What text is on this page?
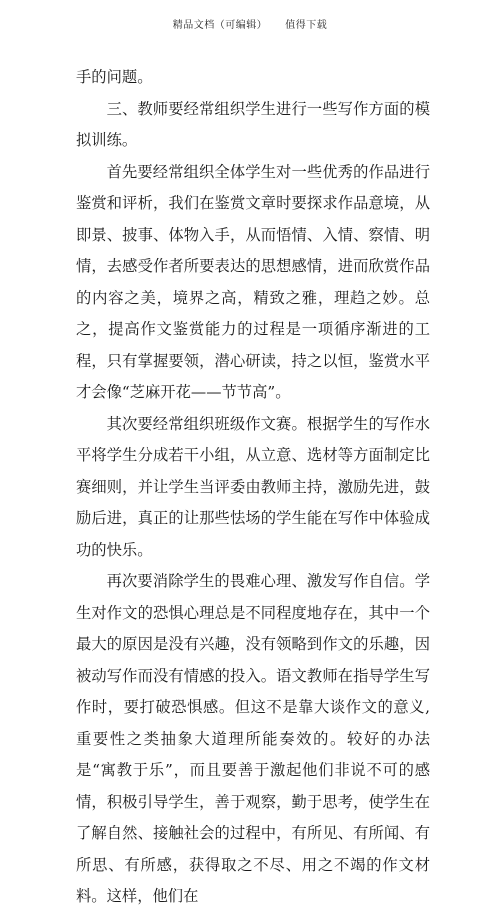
精品文档（可编辑） 值得下载

手的问题。

三、教师要经常组织学生进行一些写作方面的模拟训练。

首先要经常组织全体学生对一些优秀的作品进行鉴赏和评析，我们在鉴赏文章时要探求作品意境，从即景、披事、体物入手，从而悟情、入情、察情、明情，去感受作者所要表达的思想感情，进而欣赏作品的内容之美，境界之高，精致之雅，理趋之妙。总之，提高作文鉴赏能力的过程是一项循序渐进的工程，只有掌握要领，潜心研读，持之以恒，鉴赏水平才会像“芝麻开花——节节高”。

其次要经常组织班级作文赛。根据学生的写作水平将学生分成若干小组，从立意、选材等方面制定比赛细则，并让学生当评委由教师主持，激励先进，鼓励后进，真正的让那些怯场的学生能在写作中体验成功的快乐。

再次要消除学生的畏难心理、激发写作自信。学生对作文的恐惧心理总是不同程度地存在，其中一个最大的原因是没有兴趣，没有领略到作文的乐趣，因被动写作而没有情感的投入。语文教师在指导学生写作时，要打破恐惧感。但这不是靠大谈作文的意义,重要性之类抽象大道理所能奏效的。较好的办法是“寓教于乐”，而且要善于激起他们非说不可的感情，积极引导学生，善于观察，勤于思考，使学生在了解自然、接触社会的过程中，有所见、有所闻、有所思、有所感，获得取之不尽、用之不竭的作文材料。这样，他们在
